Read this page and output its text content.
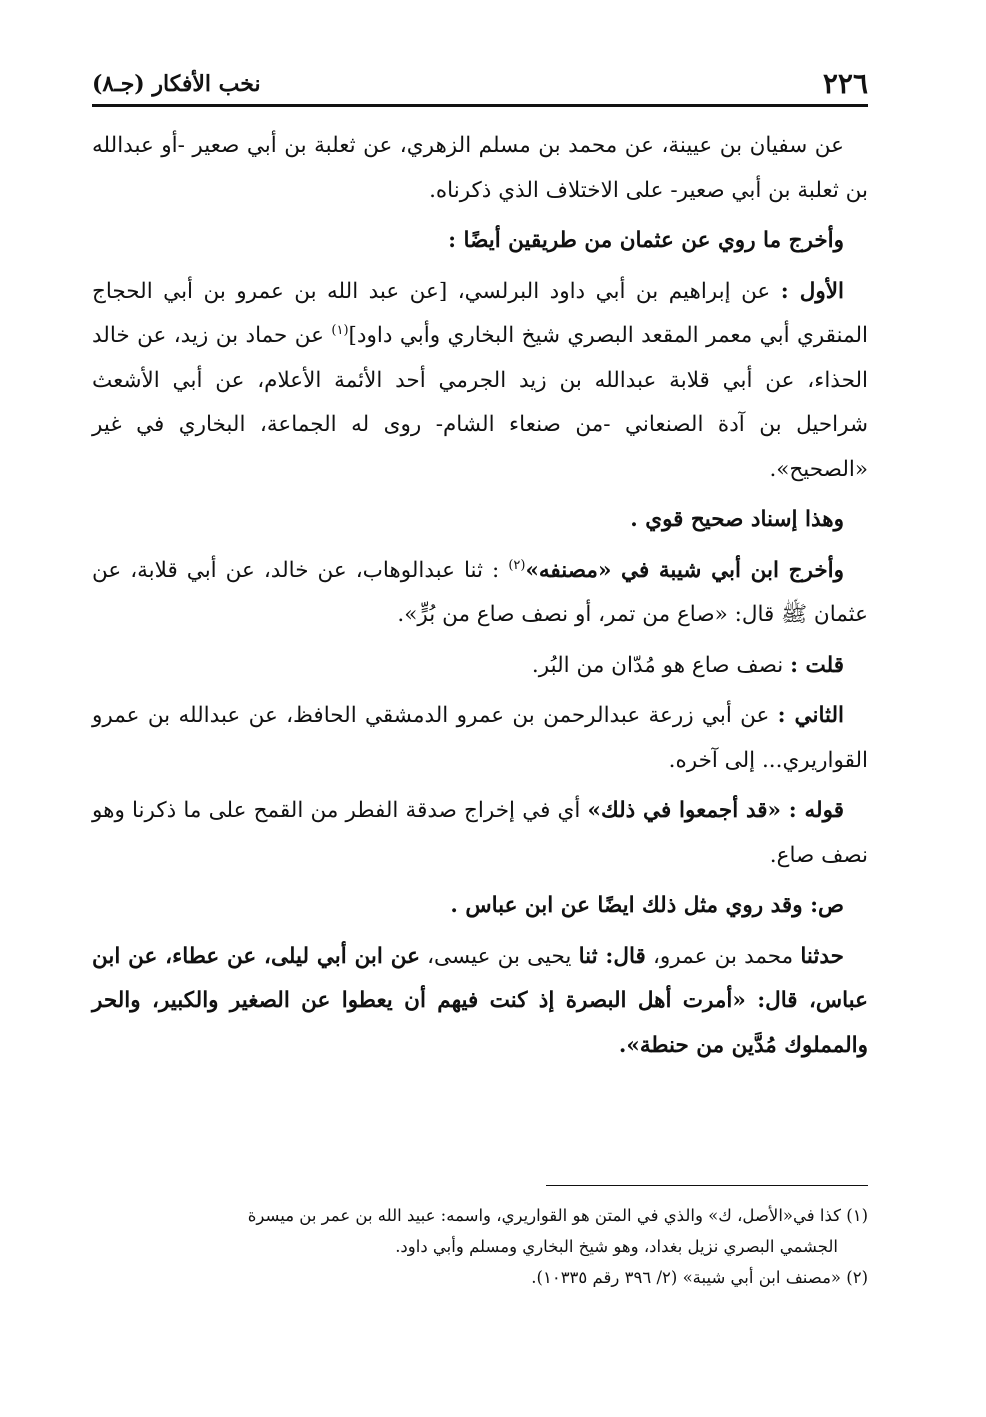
٢٢٦
نخب الأفكار (جـ٨)

عن سفيان بن عيينة، عن محمد بن مسلم الزهري، عن ثعلبة بن أبي صعير -أو عبدالله بن ثعلبة بن أبي صعير- على الاختلاف الذي ذكرناه.

وأخرج ما روي عن عثمان من طريقين أيضًا :

الأول : عن إبراهيم بن أبي داود البرلسي، [عن عبد الله بن عمرو بن أبي الحجاج المنقري أبي معمر المقعد البصري شيخ البخاري وأبي داود]$^{(١)}$ عن حماد بن زيد، عن خالد الحذاء، عن أبي قلابة عبدالله بن زيد الجرمي أحد الأئمة الأعلام، عن أبي الأشعث شراحيل بن آدة الصنعاني -من صنعاء الشام- روى له الجماعة، البخاري في غير «الصحيح».

وهذا إسناد صحيح قوي .

وأخرج ابن أبي شيبة في «مصنفه»$^{(٢)}$ : ثنا عبدالوهاب، عن خالد، عن أبي قلابة، عن عثمان ﷺ قال: «صاع من تمر، أو نصف صاع من بُرٍّ».

قلت : نصف صاع هو مُدّان من البُر.

الثاني : عن أبي زرعة عبدالرحمن بن عمرو الدمشقي الحافظ، عن عبدالله بن عمرو القواريري... إلى آخره.

قوله : «قد أجمعوا في ذلك» أي في إخراج صدقة الفطر من القمح على ما ذكرنا وهو نصف صاع.

ص: وقد روي مثل ذلك ايضًا عن ابن عباس .

حدثنا محمد بن عمرو، قال: ثنا يحيى بن عيسى، عن ابن أبي ليلى، عن عطاء، عن ابن عباس، قال: «أمرت أهل البصرة إذ كنت فيهم أن يعطوا عن الصغير والكبير، والحر والمملوك مُدَّين من حنطة».

(١) كذا في«الأصل، ك» والذي في المتن هو القواريري، واسمه: عبيد الله بن عمر بن ميسرة

الجشمي البصري نزيل بغداد، وهو شيخ البخاري ومسلم وأبي داود.

(٢) «مصنف ابن أبي شيبة» (٢/ ٣٩٦ رقم ١٠٣٣٥).
